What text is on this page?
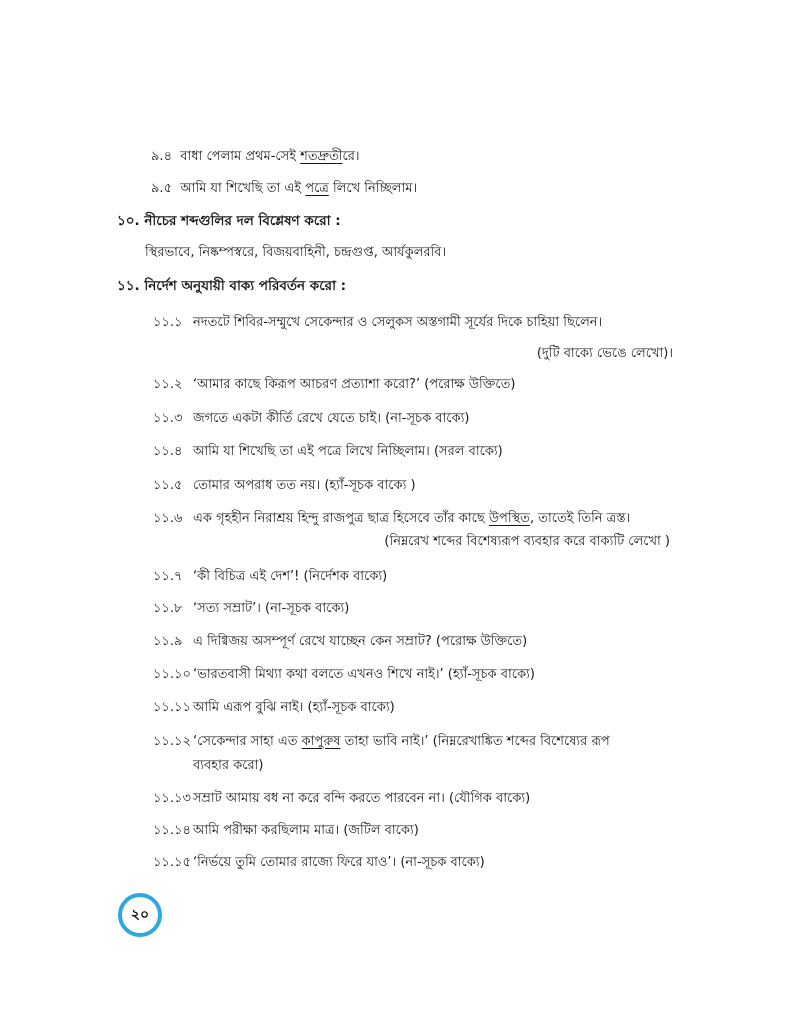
৯.৪ বাধা পেলাম প্রথম-সেই শতদ্রুতীরে।
৯.৫ আমি যা শিখেছি তা এই পত্রে লিখে নিচ্ছিলাম।
১০. নীচের শব্দগুলির দল বিশ্লেষণ করো :
স্থিরভাবে, নিষ্কম্পস্বরে, বিজয়বাহিনী, চন্দ্রগুপ্ত, আর্যকুলরবি।
১১. নির্দেশ অনুযায়ী বাক্য পরিবর্তন করো :
১১.১ নদতটে শিবির-সম্মুখে সেকেন্দার ও সেলুকস অস্তগামী সূর্যের দিকে চাহিয়া ছিলেন।
(দুটি বাক্যে ভেঙে লেখো)।
১১.২ ‘আমার কাছে কিরূপ আচরণ প্রত্যাশা করো?’ (পরোক্ষ উক্তিতে)
১১.৩ জগতে একটা কীর্তি রেখে যেতে চাই। (না-সূচক বাক্যে)
১১.৪ আমি যা শিখেছি তা এই পত্রে লিখে নিচ্ছিলাম। (সরল বাক্যে)
১১.৫ তোমার অপরাধ তত নয়। (হ্যাঁ-সূচক বাক্যে )
১১.৬ এক গৃহহীন নিরাশ্রয় হিন্দু রাজপুত্র ছাত্র হিসেবে তাঁর কাছে উপস্থিত, তাতেই তিনি ত্রস্ত।
(নিম্নরেখ শব্দের বিশেষ্যরূপ ব্যবহার করে বাক্যটি লেখো )
১১.৭ ‘কী বিচিত্র এই দেশ’! (নির্দেশক বাক্যে)
১১.৮ ‘সত্য সম্রাট’। (না-সূচক বাক্যে)
১১.৯ এ দিগ্বিজয় অসম্পূর্ণ রেখে যাচ্ছেন কেন সম্রাট? (পরোক্ষ উক্তিতে)
১১.১০ ‘ভারতবাসী মিথ্যা কথা বলতে এখনও শিখে নাই।’ (হ্যাঁ-সূচক বাক্যে)
১১.১১ আমি এরূপ বুঝি নাই। (হ্যাঁ-সূচক বাক্যে)
১১.১২ ‘সেকেন্দার সাহা এত কাপুরুষ তাহা ভাবি নাই।’ (নিম্নরেখাঙ্কিত শব্দের বিশেষ্যের রূপ
ব্যবহার করো)
১১.১৩ সম্রাট আমায় বধ না করে বন্দি করতে পারবেন না। (যৌগিক বাক্যে)
১১.১৪ আমি পরীক্ষা করছিলাম মাত্র। (জটিল বাক্যে)
১১.১৫ ‘নির্ভয়ে তুমি তোমার রাজ্যে ফিরে যাও’। (না-সূচক বাক্যে)
২০
